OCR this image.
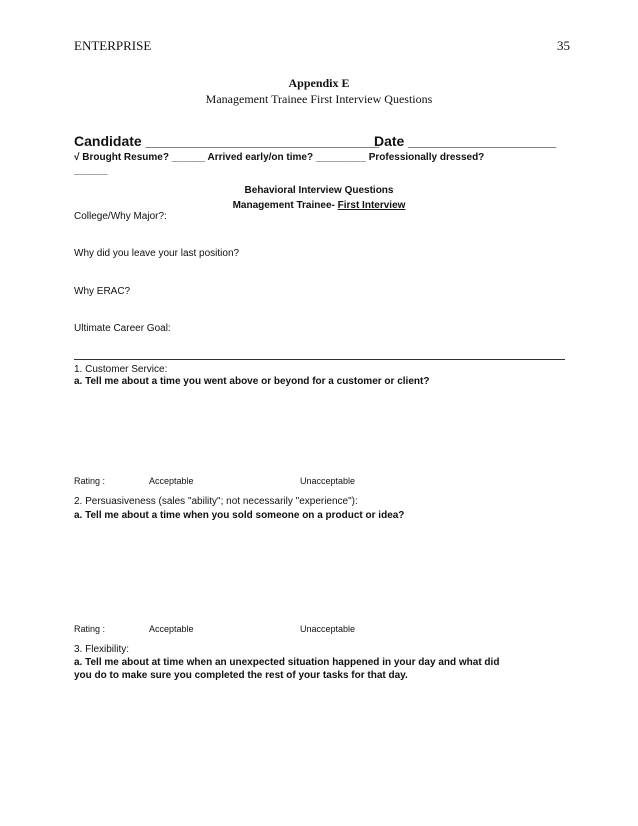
ENTERPRISE	35
Appendix E
Management Trainee First Interview Questions
Candidate ______________________________
Date ___________________
√ Brought Resume? ______ Arrived early/on time? _________ Professionally dressed?
______
Behavioral Interview Questions
Management Trainee- First Interview
College/Why Major?:
Why did you leave your last position?
Why ERAC?
Ultimate Career Goal:
1. Customer Service:
a. Tell me about a time you went above or beyond for a customer or client?
Rating :	Acceptable	Unacceptable
2. Persuasiveness (sales "ability"; not necessarily "experience"):
a. Tell me about a time when you sold someone on a product or idea?
Rating :	Acceptable	Unacceptable
3. Flexibility:
a. Tell me about at time when an unexpected situation happened in your day and what did
you do to make sure you completed the rest of your tasks for that day.
